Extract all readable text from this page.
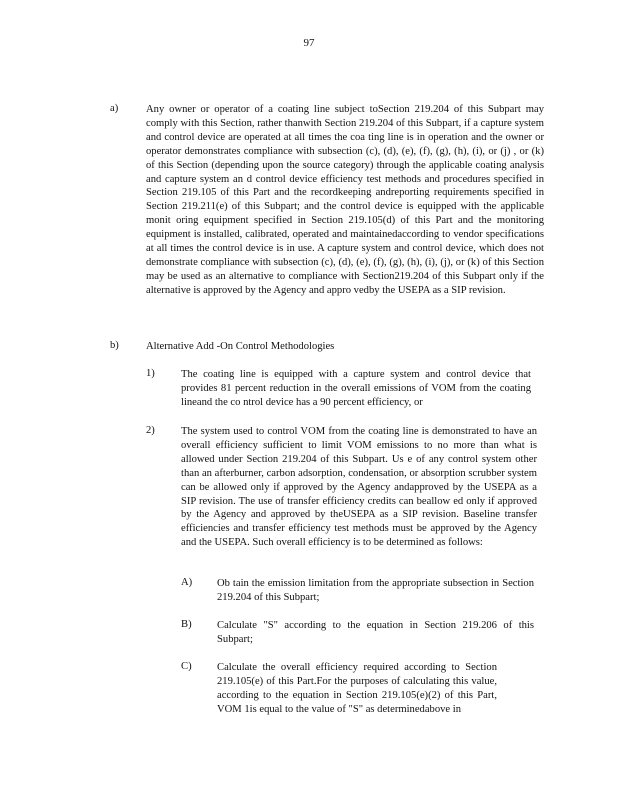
97
a)	Any owner or operator of a coating line subject toSection 219.204 of this Subpart may comply with this Section, rather thanwith Section 219.204 of this Subpart, if a capture system and control device are operated at all times the coa ting line is in operation and the owner or operator demonstrates compliance with subsection (c), (d), (e), (f), (g), (h), (i), or (j) , or (k) of this Section (depending upon the source category) through the applicable coating analysis and capture system an d control device efficiency test methods and procedures specified in Section 219.105 of this Part and the recordkeeping andreporting requirements specified in Section 219.211(e) of this Subpart; and the control device is equipped with the applicable monit oring equipment specified in Section 219.105(d) of this Part and the monitoring equipment is installed, calibrated, operated and maintainedaccording to vendor specifications at all times the control device is in use. A capture system and control device, which does not demonstrate compliance with subsection (c), (d), (e), (f), (g), (h), (i), (j), or (k) of this Section may be used as an alternative to compliance with Section219.204 of this Subpart only if the alternative is approved by the Agency and appro vedby the USEPA as a SIP revision.
b)	Alternative Add -On Control Methodologies
1) The coating line is equipped with a capture system and control device that provides 81 percent reduction in the overall emissions of VOM from the coating lineand the co ntrol device has a 90 percent efficiency, or
2) The system used to control VOM from the coating line is demonstrated to have an overall efficiency sufficient to limit VOM emissions to no more than what is allowed under Section 219.204 of this Subpart. Us e of any control system other than an afterburner, carbon adsorption, condensation, or absorption scrubber system can be allowed only if approved by the Agency andapproved by the USEPA as a SIP revision. The use of transfer efficiency credits can beallow ed only if approved by the Agency and approved by theUSEPA as a SIP revision. Baseline transfer efficiencies and transfer efficiency test methods must be approved by the Agency and the USEPA. Such overall efficiency is to be determined as follows:
A) Ob tain the emission limitation from the appropriate subsection in Section 219.204 of this Subpart;
B) Calculate "S" according to the equation in Section 219.206 of this Subpart;
C) Calculate the overall efficiency required according to Section 219.105(e) of this Part.For the purposes of calculating this value, according to the equation in Section 219.105(e)(2) of this Part, VOM 1is equal to the value of "S" as determinedabove in
